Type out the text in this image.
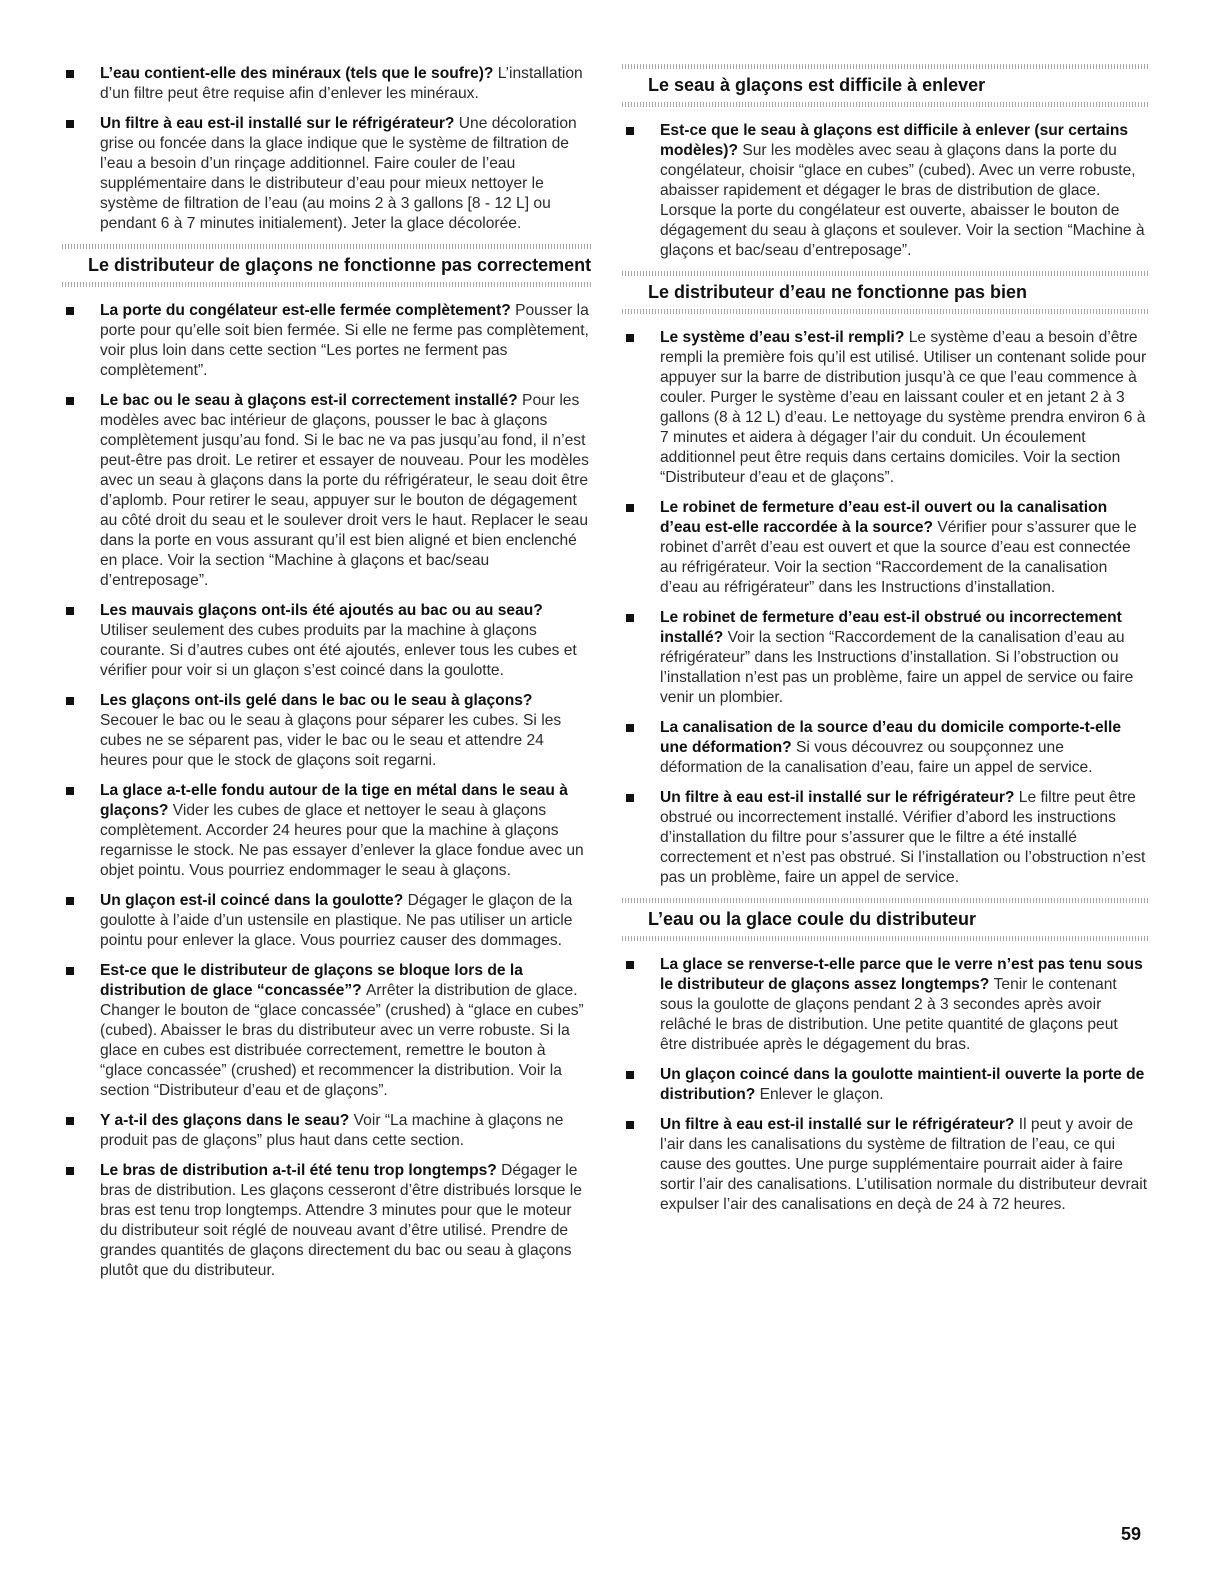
L’eau contient-elle des minéraux (tels que le soufre)? L’installation d’un filtre peut être requise afin d’enlever les minéraux.
Un filtre à eau est-il installé sur le réfrigérateur? Une décoloration grise ou foncée dans la glace indique que le système de filtration de l’eau a besoin d’un rinçage additionnel. Faire couler de l’eau supplémentaire dans le distributeur d’eau pour mieux nettoyer le système de filtration de l’eau (au moins 2 à 3 gallons [8 - 12 L] ou pendant 6 à 7 minutes initialement). Jeter la glace décolorée.
Le distributeur de glaçons ne fonctionne pas correctement
La porte du congélateur est-elle fermée complètement? Pousser la porte pour qu’elle soit bien fermée. Si elle ne ferme pas complètement, voir plus loin dans cette section “Les portes ne ferment pas complètement”.
Le bac ou le seau à glaçons est-il correctement installé? Pour les modèles avec bac intérieur de glaçons, pousser le bac à glaçons complètement jusqu’au fond. Si le bac ne va pas jusqu’au fond, il n’est peut-être pas droit. Le retirer et essayer de nouveau. Pour les modèles avec un seau à glaçons dans la porte du réfrigérateur, le seau doit être d’aplomb. Pour retirer le seau, appuyer sur le bouton de dégagement au côté droit du seau et le soulever droit vers le haut. Replacer le seau dans la porte en vous assurant qu’il est bien aligné et bien enclenché en place. Voir la section “Machine à glaçons et bac/seau d’entreposage”.
Les mauvais glaçons ont-ils été ajoutés au bac ou au seau? Utiliser seulement des cubes produits par la machine à glaçons courante. Si d’autres cubes ont été ajoutés, enlever tous les cubes et vérifier pour voir si un glaçon s’est coincé dans la goulotte.
Les glaçons ont-ils gelé dans le bac ou le seau à glaçons? Secouer le bac ou le seau à glaçons pour séparer les cubes. Si les cubes ne se séparent pas, vider le bac ou le seau et attendre 24 heures pour que le stock de glaçons soit regarni.
La glace a-t-elle fondu autour de la tige en métal dans le seau à glaçons? Vider les cubes de glace et nettoyer le seau à glaçons complètement. Accorder 24 heures pour que la machine à glaçons regarnisse le stock. Ne pas essayer d’enlever la glace fondue avec un objet pointu. Vous pourriez endommager le seau à glaçons.
Un glaçon est-il coincé dans la goulotte? Dégager le glaçon de la goulotte à l’aide d’un ustensile en plastique. Ne pas utiliser un article pointu pour enlever la glace. Vous pourriez causer des dommages.
Est-ce que le distributeur de glaçons se bloque lors de la distribution de glace “concassée”? Arrêter la distribution de glace. Changer le bouton de “glace concassée” (crushed) à “glace en cubes” (cubed). Abaisser le bras du distributeur avec un verre robuste. Si la glace en cubes est distribuée correctement, remettre le bouton à “glace concassée” (crushed) et recommencer la distribution. Voir la section “Distributeur d’eau et de glaçons”.
Y a-t-il des glaçons dans le seau? Voir “La machine à glaçons ne produit pas de glaçons” plus haut dans cette section.
Le bras de distribution a-t-il été tenu trop longtemps? Dégager le bras de distribution. Les glaçons cesseront d’être distribués lorsque le bras est tenu trop longtemps. Attendre 3 minutes pour que le moteur du distributeur soit réglé de nouveau avant d’être utilisé. Prendre de grandes quantités de glaçons directement du bac ou seau à glaçons plutôt que du distributeur.
Le seau à glaçons est difficile à enlever
Est-ce que le seau à glaçons est difficile à enlever (sur certains modèles)? Sur les modèles avec seau à glaçons dans la porte du congélateur, choisir “glace en cubes” (cubed). Avec un verre robuste, abaisser rapidement et dégager le bras de distribution de glace. Lorsque la porte du congélateur est ouverte, abaisser le bouton de dégagement du seau à glaçons et soulever. Voir la section “Machine à glaçons et bac/seau d’entreposage”.
Le distributeur d’eau ne fonctionne pas bien
Le système d’eau s’est-il rempli? Le système d’eau a besoin d’être rempli la première fois qu’il est utilisé. Utiliser un contenant solide pour appuyer sur la barre de distribution jusqu’à ce que l’eau commence à couler. Purger le système d’eau en laissant couler et en jetant 2 à 3 gallons (8 à 12 L) d’eau. Le nettoyage du système prendra environ 6 à 7 minutes et aidera à dégager l’air du conduit. Un écoulement additionnel peut être requis dans certains domiciles. Voir la section “Distributeur d’eau et de glaçons”.
Le robinet de fermeture d’eau est-il ouvert ou la canalisation d’eau est-elle raccordée à la source? Vérifier pour s’assurer que le robinet d’arrêt d’eau est ouvert et que la source d’eau est connectée au réfrigérateur. Voir la section “Raccordement de la canalisation d’eau au réfrigérateur” dans les Instructions d’installation.
Le robinet de fermeture d’eau est-il obstrué ou incorrectement installé? Voir la section “Raccordement de la canalisation d’eau au réfrigérateur” dans les Instructions d’installation. Si l’obstruction ou l’installation n’est pas un problème, faire un appel de service ou faire venir un plombier.
La canalisation de la source d’eau du domicile comporte-t-elle une déformation? Si vous découvrez ou soupçonnez une déformation de la canalisation d’eau, faire un appel de service.
Un filtre à eau est-il installé sur le réfrigérateur? Le filtre peut être obstrué ou incorrectement installé. Vérifier d’abord les instructions d’installation du filtre pour s’assurer que le filtre a été installé correctement et n’est pas obstrué. Si l’installation ou l’obstruction n’est pas un problème, faire un appel de service.
L’eau ou la glace coule du distributeur
La glace se renverse-t-elle parce que le verre n’est pas tenu sous le distributeur de glaçons assez longtemps? Tenir le contenant sous la goulotte de glaçons pendant 2 à 3 secondes après avoir relâché le bras de distribution. Une petite quantité de glaçons peut être distribuée après le dégagement du bras.
Un glaçon coincé dans la goulotte maintient-il ouverte la porte de distribution? Enlever le glaçon.
Un filtre à eau est-il installé sur le réfrigérateur? Il peut y avoir de l’air dans les canalisations du système de filtration de l’eau, ce qui cause des gouttes. Une purge supplémentaire pourrait aider à faire sortir l’air des canalisations. L’utilisation normale du distributeur devrait expulser l’air des canalisations en deçà de 24 à 72 heures.
59
